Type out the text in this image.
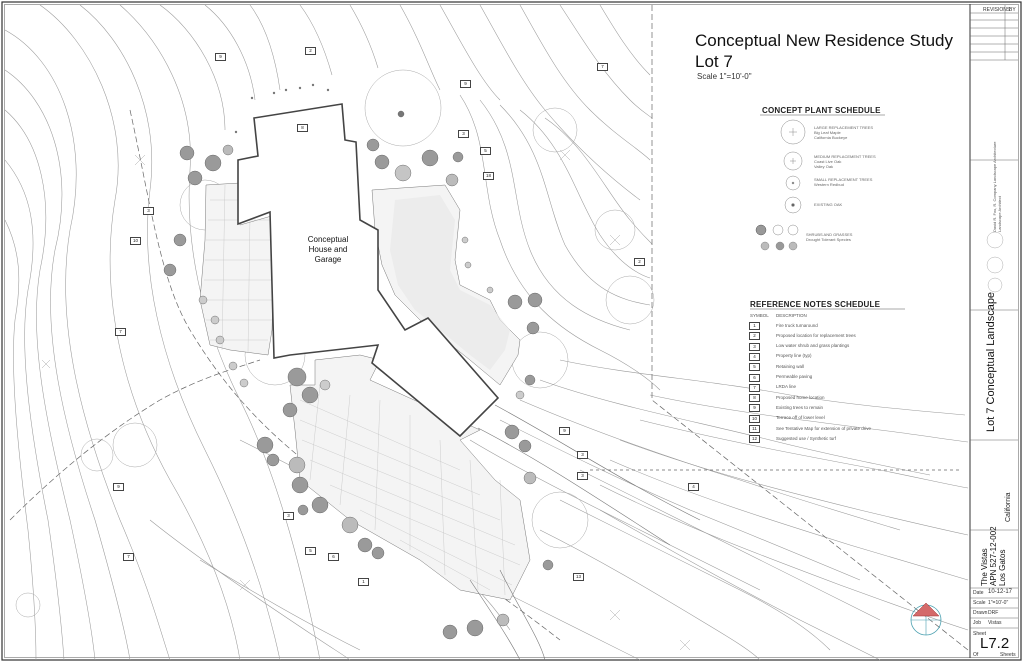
Conceptual New Residence Study
Lot 7
Scale 1"=10'-0"
Conceptual House and Garage
CONCEPT PLANT SCHEDULE
LARGE REPLACEMENT TREES
Big Leaf Maple
California Buckeye
MEDIUM REPLACEMENT TREES
Coast Live Oak
Valley Oak
SMALL REPLACEMENT TREES
Western Redbud
EXISTING OAK
SHRUBS AND GRASSES
Drought Tolerant Species
REFERENCE NOTES SCHEDULE
SYMBOL DESCRIPTION
1	Fire truck turnaround
2	Proposed location for replacement trees
3	Low water shrub and grass plantings
4	Property line (typ)
5	Retaining wall
6	Permeable paving
7	LRDA line
8	Proposed home location
9	Existing trees to remain
10	Terrace off of lower level
11	See Tentative Map for extension of private drive
12	Suggested use / Synthetic turf
9
2
9
3
5
18
8
3
10
7
2
7
3
9	4
9
3
5
6
7
1
13
3
REVISIONS
BY
David R. Fox, R. Company Landscape Architecture Landscape Architect
Lot 7 Conceptual Landscape
California
The Vistas APN 527-12-002 Los Gatos
Date 10-12-17
Scale 1"=10'-0"
Drawn DRF
Job Vistas
Sheet
L7.2
Of	Sheets
